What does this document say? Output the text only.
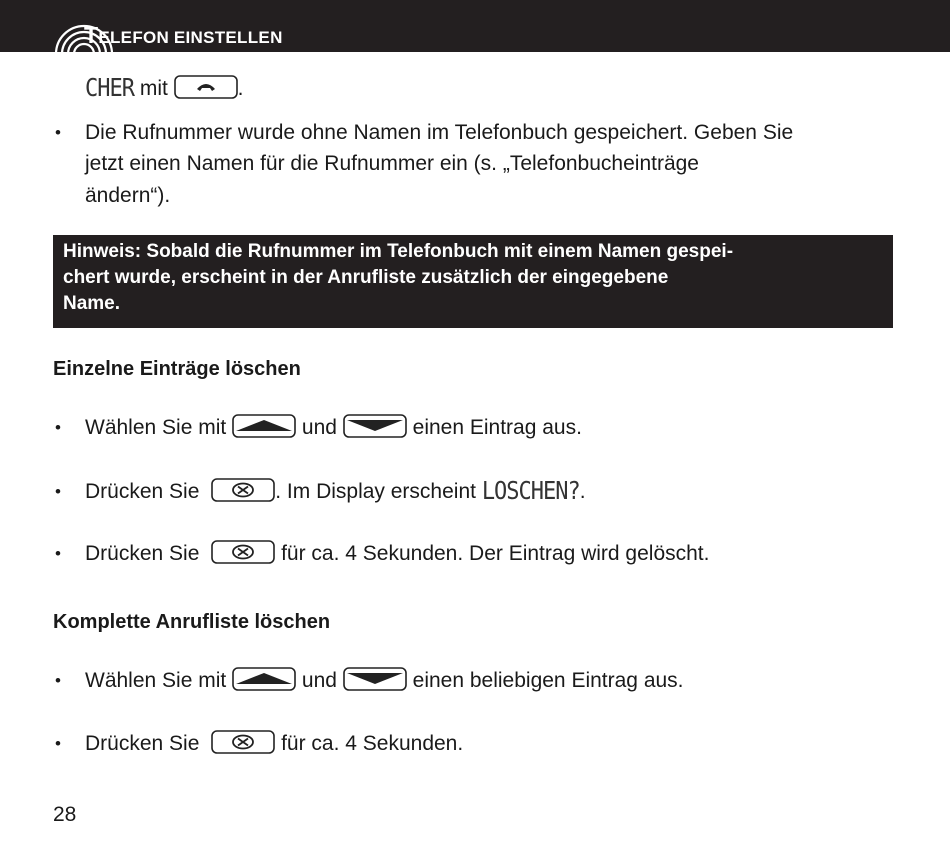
TELEFON EINSTELLEN
CHER mit	.
• Die Rufnummer wurde ohne Namen im Telefonbuch gespeichert. Geben Sie
jetzt einen Namen für die Rufnummer ein (s. „Telefonbucheinträge
ändern“).
Hinweis: Sobald die Rufnummer im Telefonbuch mit einem Namen gespei-
chert wurde, erscheint in der Anrufliste zusätzlich der eingegebene
Name.
Einzelne Einträge löschen
• Wählen Sie mit	und	einen Eintrag aus.
• Drücken Sie	. Im Display erscheint LOSCHEN?.
• Drücken Sie	für ca. 4 Sekunden. Der Eintrag wird gelöscht.
Komplette Anrufliste löschen
• Wählen Sie mit	und	einen beliebigen Eintrag aus.
• Drücken Sie	für ca. 4 Sekunden.
28
